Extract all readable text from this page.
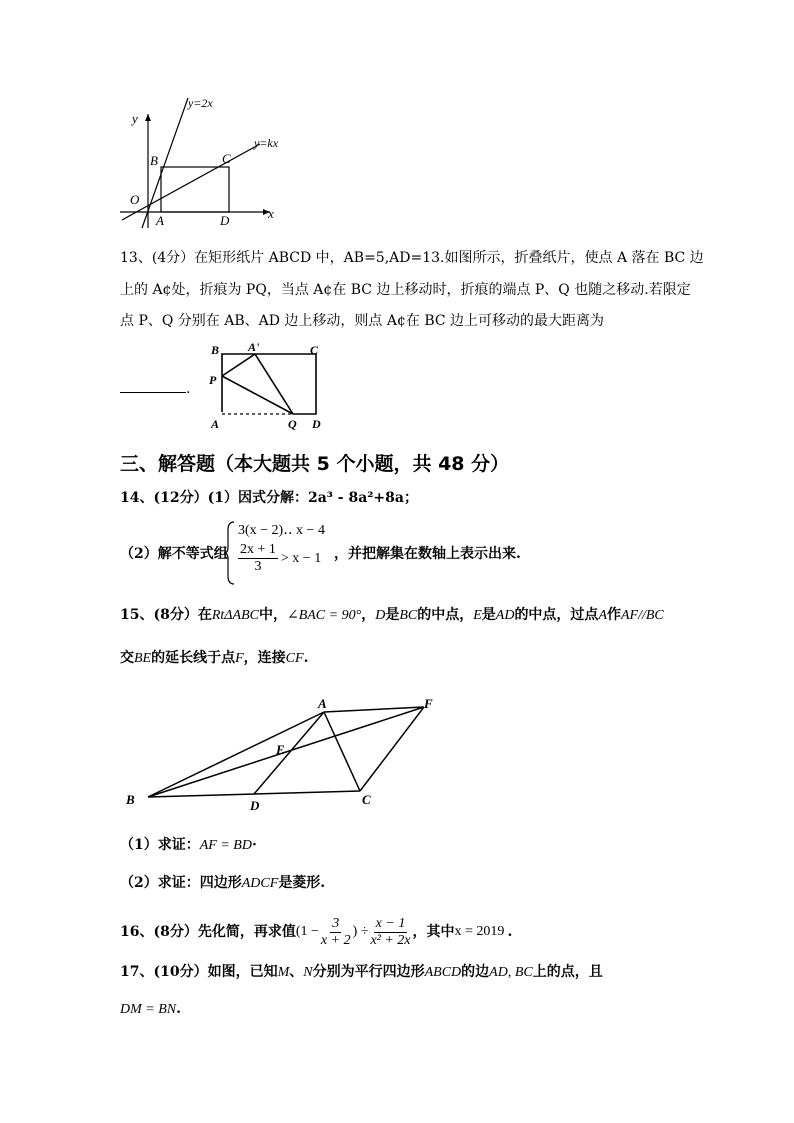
y=2x
y=kx
y
x
O
B	C
A	D
13、(4分）在矩形纸片 ABCD 中，AB=5,AD=13.如图所示，折叠纸片，使点 A 落在 BC 边
上的 A¢处，折痕为 PQ，当点 A¢在 BC 边上移动时，折痕的端点 P、Q 也随之移动.若限定
点 P、Q 分别在 AB、AD 边上移动，则点 A¢在 BC 边上可移动的最大距离为
B A'	C
P
A	Q D
.
三、解答题（本大题共 5 个小题，共 48 分）
14、(12分）(1）因式分解：2a³ - 8a²+8a；
（2）解不等式组
3(x − 2)‥ x − 4
$\frac{2x + 1}{3} > x - 1$ ，并把解集在数轴上表示出来.
15、(8分）在RtΔABC中，∠BAC = 90°，D是BC的中点，E是AD的中点，过点A作AF//BC
交BE的延长线于点F，连接CF.
A	F
E
B	D	C
（1）求证：AF = BD·
（2）求证：四边形ADCF是菱形.
16、(8分）先化简，再求值 ($1 - \frac{3}{x + 2}$ ) ÷ $\frac{x - 1}{\text{x² + 2x}}$ ，其中 x = 2019 .
17、(10分）如图，已知M、N分别为平行四边形ABCD的边AD, BC上的点，且
DM = BN.
